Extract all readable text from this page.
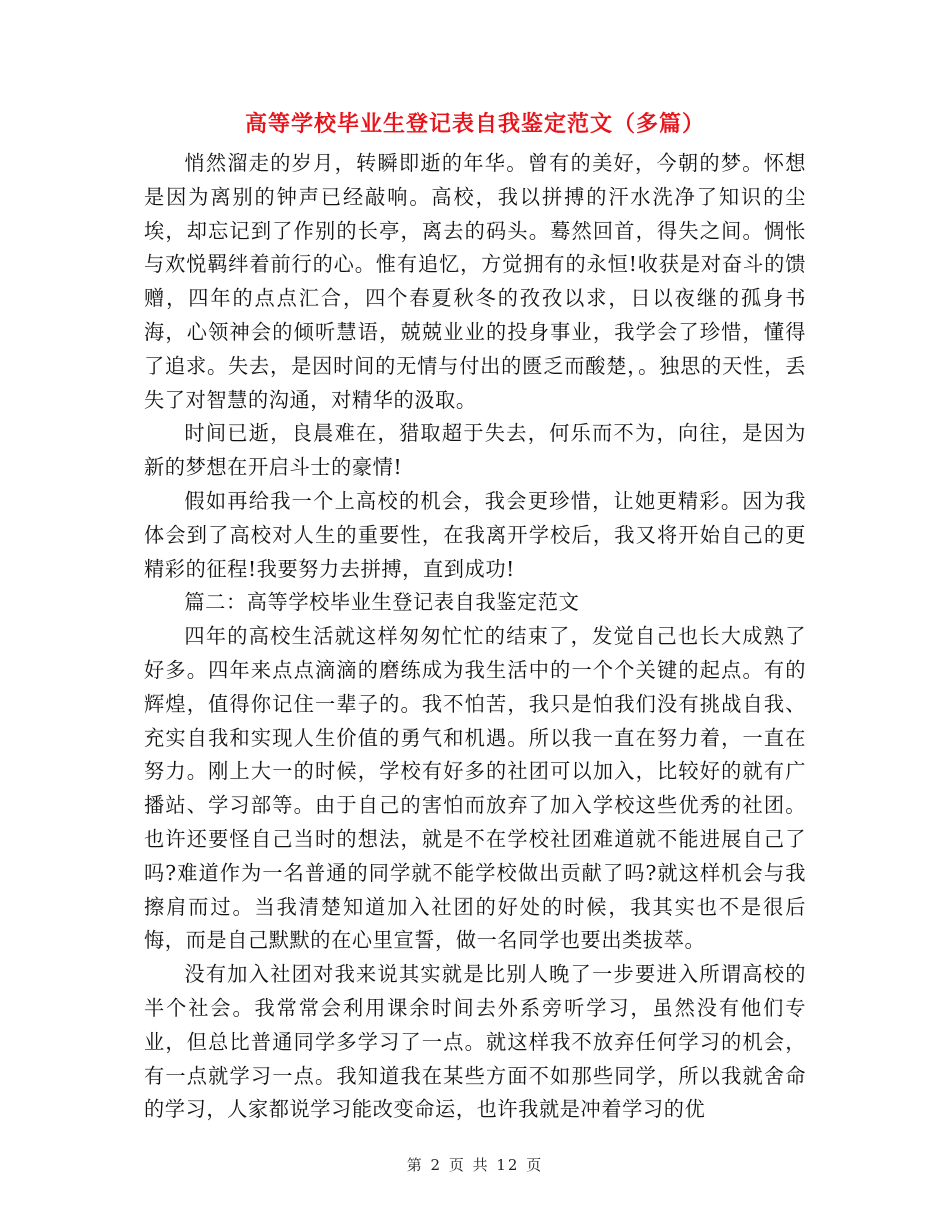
高等学校毕业生登记表自我鉴定范文（多篇）

悄然溜走的岁月，转瞬即逝的年华。曾有的美好，今朝的梦。怀想是因为离别的钟声已经敲响。高校，我以拼搏的汗水洗净了知识的尘埃，却忘记到了作别的长亭，离去的码头。蓦然回首，得失之间。惆怅与欢悦羁绊着前行的心。惟有追忆，方觉拥有的永恒!收获是对奋斗的馈赠，四年的点点汇合，四个春夏秋冬的孜孜以求，日以夜继的孤身书海，心领神会的倾听慧语，兢兢业业的投身事业，我学会了珍惜，懂得了追求。失去，是因时间的无情与付出的匮乏而酸楚，。独思的天性，丢失了对智慧的沟通，对精华的汲取。

时间已逝，良晨难在，猎取超于失去，何乐而不为，向往，是因为新的梦想在开启斗士的豪情!

假如再给我一个上高校的机会，我会更珍惜，让她更精彩。因为我体会到了高校对人生的重要性，在我离开学校后，我又将开始自己的更精彩的征程!我要努力去拼搏，直到成功!

篇二：高等学校毕业生登记表自我鉴定范文

四年的高校生活就这样匆匆忙忙的结束了，发觉自己也长大成熟了好多。四年来点点滴滴的磨练成为我生活中的一个个关键的起点。有的辉煌，值得你记住一辈子的。我不怕苦，我只是怕我们没有挑战自我、充实自我和实现人生价值的勇气和机遇。所以我一直在努力着，一直在努力。刚上大一的时候，学校有好多的社团可以加入，比较好的就有广播站、学习部等。由于自己的害怕而放弃了加入学校这些优秀的社团。也许还要怪自己当时的想法，就是不在学校社团难道就不能进展自己了吗?难道作为一名普通的同学就不能学校做出贡献了吗?就这样机会与我擦肩而过。当我清楚知道加入社团的好处的时候，我其实也不是很后悔，而是自己默默的在心里宣誓，做一名同学也要出类拔萃。

没有加入社团对我来说其实就是比别人晚了一步要进入所谓高校的半个社会。我常常会利用课余时间去外系旁听学习，虽然没有他们专业，但总比普通同学多学习了一点。就这样我不放弃任何学习的机会，有一点就学习一点。我知道我在某些方面不如那些同学，所以我就舍命的学习，人家都说学习能改变命运，也许我就是冲着学习的优

第 2 页 共 12 页
